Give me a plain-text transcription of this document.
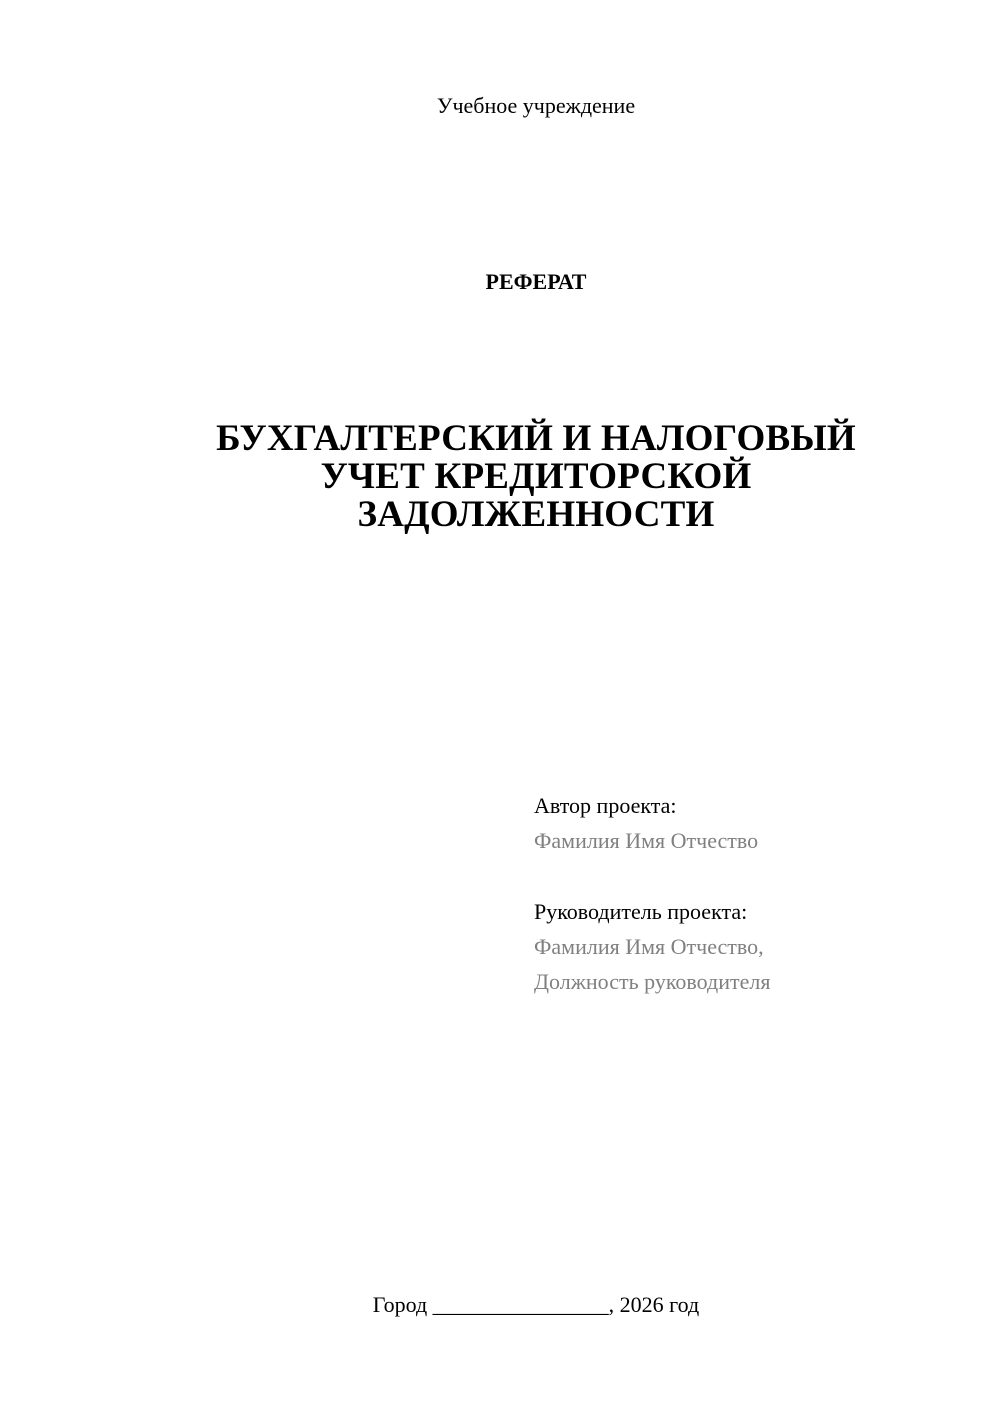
Учебное учреждение
РЕФЕРАТ
БУХГАЛТЕРСКИЙ И НАЛОГОВЫЙ
УЧЕТ КРЕДИТОРСКОЙ
ЗАДОЛЖЕННОСТИ
Автор проекта:
Фамилия Имя Отчество
Руководитель проекта:
Фамилия Имя Отчество,
Должность руководителя
Город ________________, 2026 год
